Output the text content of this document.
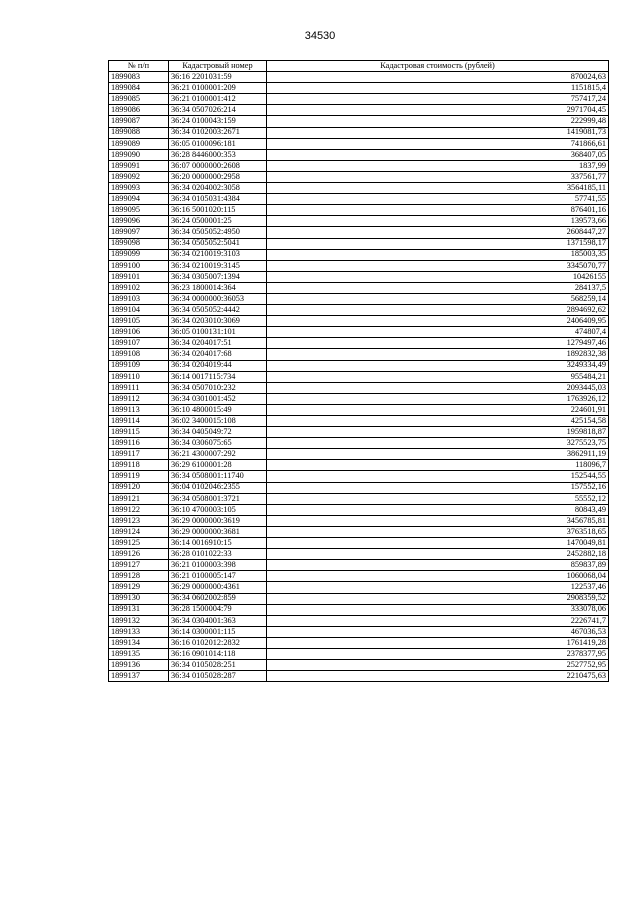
34530
№ п/п	Кадастровый номер	Кадастровая стоимость (рублей)
1899083	36:16 2201031:59	870024,63
1899084	36:21 0100001:209	1151815,4
1899085	36:21 0100001:412	757417,24
1899086	36:34 0507026:214	2971704,45
1899087	36:24 0100043:159	222999,48
1899088	36:34 0102003:2671	1419081,73
1899089	36:05 0100096:181	741866,61
1899090	36:28 8446000:353	368407,05
1899091	36:07 0000000:2608	1837,99
1899092	36:20 0000000:2958	337561,77
1899093	36:34 0204002:3058	3564185,11
1899094	36:34 0105031:4384	57741,55
1899095	36:16 5001020:115	876401,16
1899096	36:24 0500001:25	139573,66
1899097	36:34 0505052:4950	2608447,27
1899098	36:34 0505052:5041	1371598,17
1899099	36:34 0210019:3103	185003,35
1899100	36:34 0210019:3145	3345070,77
1899101	36:34 0305007:1394	10426155
1899102	36:23 1800014:364	284137,5
1899103	36:34 0000000:36053	568259,14
1899104	36:34 0505052:4442	2894692,62
1899105	36:34 0203010:3069	2406409,95
1899106	36:05 0100131:101	474807,4
1899107	36:34 0204017:51	1279497,46
1899108	36:34 0204017:68	1892832,38
1899109	36:34 0204019:44	3249334,49
1899110	36:14 0017115:734	955484,21
1899111	36:34 0507010:232	2093445,03
1899112	36:34 0301001:452	1763926,12
1899113	36:10 4800015:49	224601,91
1899114	36:02 3400015:108	425154,58
1899115	36:34 0405049:72	1959818,87
1899116	36:34 0306075:65	3275523,75
1899117	36:21 4300007:292	3862911,19
1899118	36:29 6100001:28	118096,7
1899119	36:34 0508001:11740	152544,55
1899120	36:04 0102046:2355	157552,16
1899121	36:34 0508001:3721	55552,12
1899122	36:10 4700003:105	80843,49
1899123	36:29 0000000:3619	3456785,81
1899124	36:29 0000000:3681	3763518,65
1899125	36:14 0016910:15	1470049,81
1899126	36:28 0101022:33	2452882,18
1899127	36:21 0100003:398	859837,89
1899128	36:21 0100005:147	1060068,04
1899129	36:29 0000000:4361	122537,46
1899130	36:34 0602002:859	2908359,52
1899131	36:28 1500004:79	333078,06
1899132	36:34 0304001:363	2226741,7
1899133	36:14 0300001:115	467036,53
1899134	36:16 0102012:2832	1761419,28
1899135	36:16 0901014:118	2378377,95
1899136	36:34 0105028:251	2527752,95
1899137	36:34 0105028:287	2210475,63
